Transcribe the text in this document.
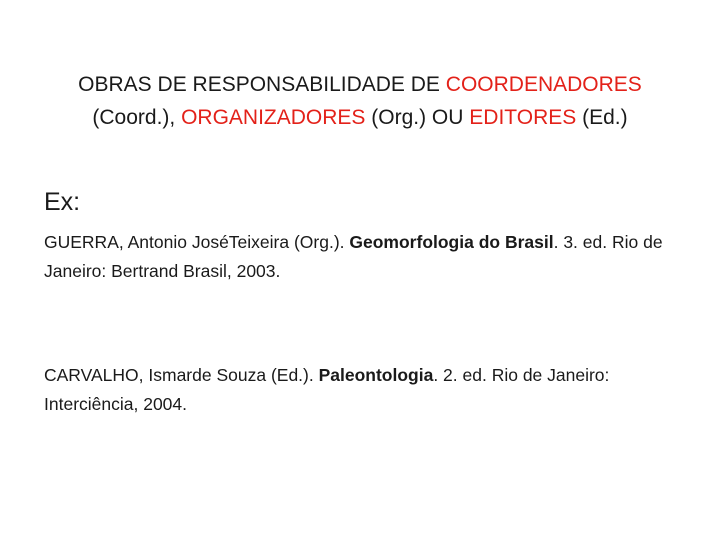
OBRAS DE RESPONSABILIDADE DE COORDENADORES
(Coord.), ORGANIZADORES (Org.) OU EDITORES (Ed.)
Ex:
GUERRA, Antonio JoséTeixeira (Org.). Geomorfologia do Brasil. 3. ed. Rio de Janeiro: Bertrand Brasil, 2003.
CARVALHO, Ismarde Souza (Ed.). Paleontologia. 2. ed. Rio de Janeiro: Interciência, 2004.
